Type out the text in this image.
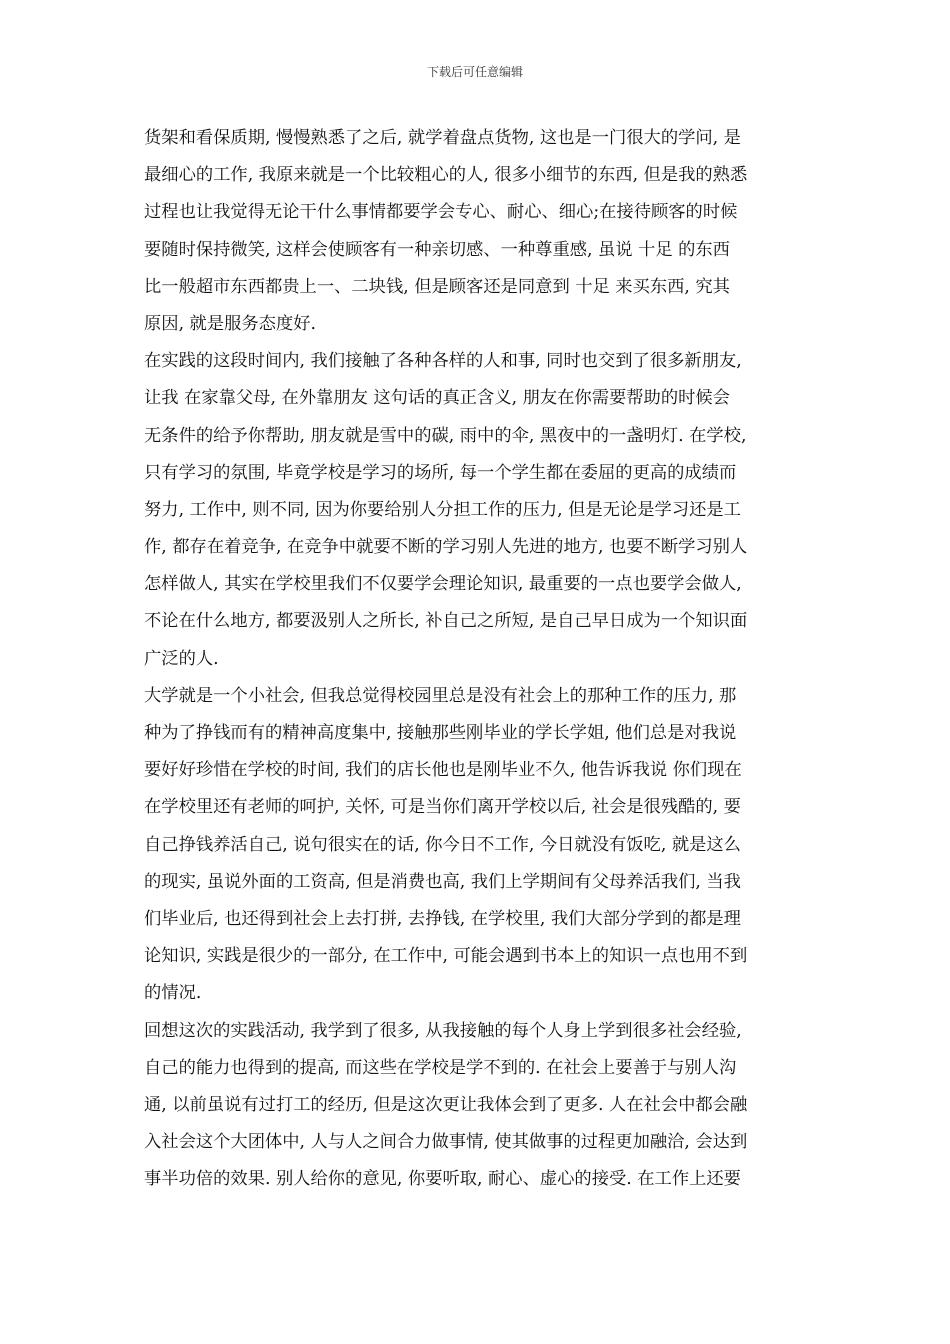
下载后可任意编辑
货架和看保质期, 慢慢熟悉了之后, 就学着盘点货物, 这也是一门很大的学问, 是
最细心的工作, 我原来就是一个比较粗心的人, 很多小细节的东西, 但是我的熟悉
过程也让我觉得无论干什么事情都要学会专心、耐心、细心;在接待顾客的时候
要随时保持微笑, 这样会使顾客有一种亲切感、一种尊重感, 虽说 十足 的东西
比一般超市东西都贵上一、二块钱, 但是顾客还是同意到 十足 来买东西, 究其
原因, 就是服务态度好.
在实践的这段时间内, 我们接触了各种各样的人和事, 同时也交到了很多新朋友,
让我 在家靠父母, 在外靠朋友 这句话的真正含义, 朋友在你需要帮助的时候会
无条件的给予你帮助, 朋友就是雪中的碳, 雨中的伞, 黑夜中的一盏明灯. 在学校,
只有学习的氛围, 毕竟学校是学习的场所, 每一个学生都在委屈的更高的成绩而
努力, 工作中, 则不同, 因为你要给别人分担工作的压力, 但是无论是学习还是工
作, 都存在着竞争, 在竞争中就要不断的学习别人先进的地方, 也要不断学习别人
怎样做人, 其实在学校里我们不仅要学会理论知识, 最重要的一点也要学会做人,
不论在什么地方, 都要汲别人之所长, 补自己之所短, 是自己早日成为一个知识面
广泛的人.
大学就是一个小社会, 但我总觉得校园里总是没有社会上的那种工作的压力, 那
种为了挣钱而有的精神高度集中, 接触那些刚毕业的学长学姐, 他们总是对我说
要好好珍惜在学校的时间, 我们的店长他也是刚毕业不久, 他告诉我说 你们现在
在学校里还有老师的呵护, 关怀, 可是当你们离开学校以后, 社会是很残酷的, 要
自己挣钱养活自己, 说句很实在的话, 你今日不工作, 今日就没有饭吃, 就是这么
的现实, 虽说外面的工资高, 但是消费也高, 我们上学期间有父母养活我们, 当我
们毕业后, 也还得到社会上去打拼, 去挣钱, 在学校里, 我们大部分学到的都是理
论知识, 实践是很少的一部分, 在工作中, 可能会遇到书本上的知识一点也用不到
的情况.
回想这次的实践活动, 我学到了很多, 从我接触的每个人身上学到很多社会经验,
自己的能力也得到的提高, 而这些在学校是学不到的. 在社会上要善于与别人沟
通, 以前虽说有过打工的经历, 但是这次更让我体会到了更多. 人在社会中都会融
入社会这个大团体中, 人与人之间合力做事情, 使其做事的过程更加融洽, 会达到
事半功倍的效果. 别人给你的意见, 你要听取, 耐心、虚心的接受. 在工作上还要
